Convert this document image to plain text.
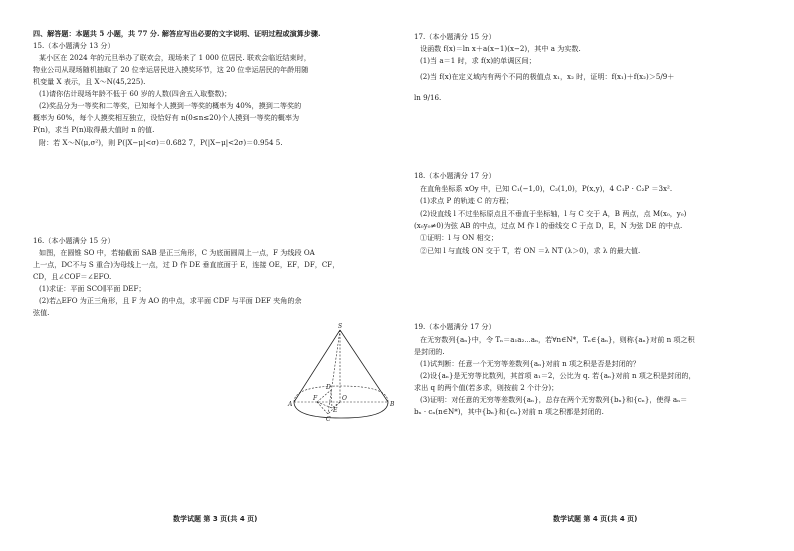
四、解答题：本题共 5 小题，共 77 分. 解答应写出必要的文字说明、证明过程或演算步骤.
15.（本小题满分 13 分）
某小区在 2024 年的元旦举办了联欢会，现场来了 1 000 位居民. 联欢会临近结束时，
物业公司从现场随机抽取了 20 位幸运居民进入摸奖环节，这 20 位幸运居民的年龄用随
机变量 X 表示，且 X～N(45,225).
(1)请你估计现场年龄不低于 60 岁的人数(四舍五入取整数)；
(2)奖品分为一等奖和二等奖，已知每个人摸到一等奖的概率为 40%，摸到二等奖的
概率为 60%，每个人摸奖相互独立，设恰好有 n(0≤n≤20)个人摸到一等奖的概率为
P(n)，求当 P(n)取得最大值时 n 的值.
附：若 X～N(μ,σ²)，则 P(|X−μ|<σ)＝0.682 7，P(|X−μ|<2σ)＝0.954 5.
16.（本小题满分 15 分）
如图，在圆锥 SO 中，若轴截面 SAB 是正三角形，C 为底面圆周上一点，F 为线段 OA
上一点，DC不与 S 重合)为母线上一点，过 D 作 DE 垂直底面于 E，连接 OE，EF，DF，CF，
CD，且∠COF＝∠EFO.
(1)求证：平面 SCO∥平面 DEF；
(2)若△EFO 为正三角形，且 F 为 AO 的中点，求平面 CDF 与平面 DEF 夹角的余
弦值.
数学试题 第 3 页(共 4 页)
S
A	B
O
C
D
E
F
17.（本小题满分 15 分）
设函数 f(x)＝ln x＋a(x−1)(x−2)，其中 a 为实数.
(1)当 a＝1 时，求 f(x)的单调区间；
(2)当 f(x)在定义域内有两个不同的极值点 x₁，x₂ 时，证明：f(x₁)＋f(x₂)＞5/9＋
ln 9/16.
18.（本小题满分 17 分）
在直角坐标系 xOy 中，已知 C₁(−1,0)，C₂(1,0)，P(x,y)，4 C₁P · C₂P ＝3x².
(1)求点 P 的轨迹 C 的方程；
(2)设直线 l 不过坐标原点且不垂直于坐标轴，l 与 C 交于 A，B 两点，点 M(x₀，y₀)
(x₀y₀≠0)为弦 AB 的中点，过点 M 作 l 的垂线交 C 于点 D，E，N 为弦 DE 的中点.
①证明：l 与 ON 相交；
②已知 l 与直线 ON 交于 T，若 ON ＝λ NT (λ＞0)，求 λ 的最大值.
19.（本小题满分 17 分）
在无穷数列{aₙ}中，令 Tₙ＝a₁a₂⋯aₙ，若∀n∈N*，Tₙ∈{aₙ}，则称{aₙ}对前 n 项之积
是封闭的.
(1)试判断：任意一个无穷等差数列{aₙ}对前 n 项之积是否是封闭的？
(2)设{aₙ}是无穷等比数列，其首项 a₁＝2，公比为 q. 若{aₙ}对前 n 项之积是封闭的，
求出 q 的两个值(若多求，则按前 2 个计分)；
(3)证明：对任意的无穷等差数列{aₙ}，总存在两个无穷数列{bₙ}和{cₙ}，使得 aₙ＝
bₙ · cₙ(n∈N*)，其中{bₙ}和{cₙ}对前 n 项之积都是封闭的.
数学试题 第 4 页(共 4 页)
